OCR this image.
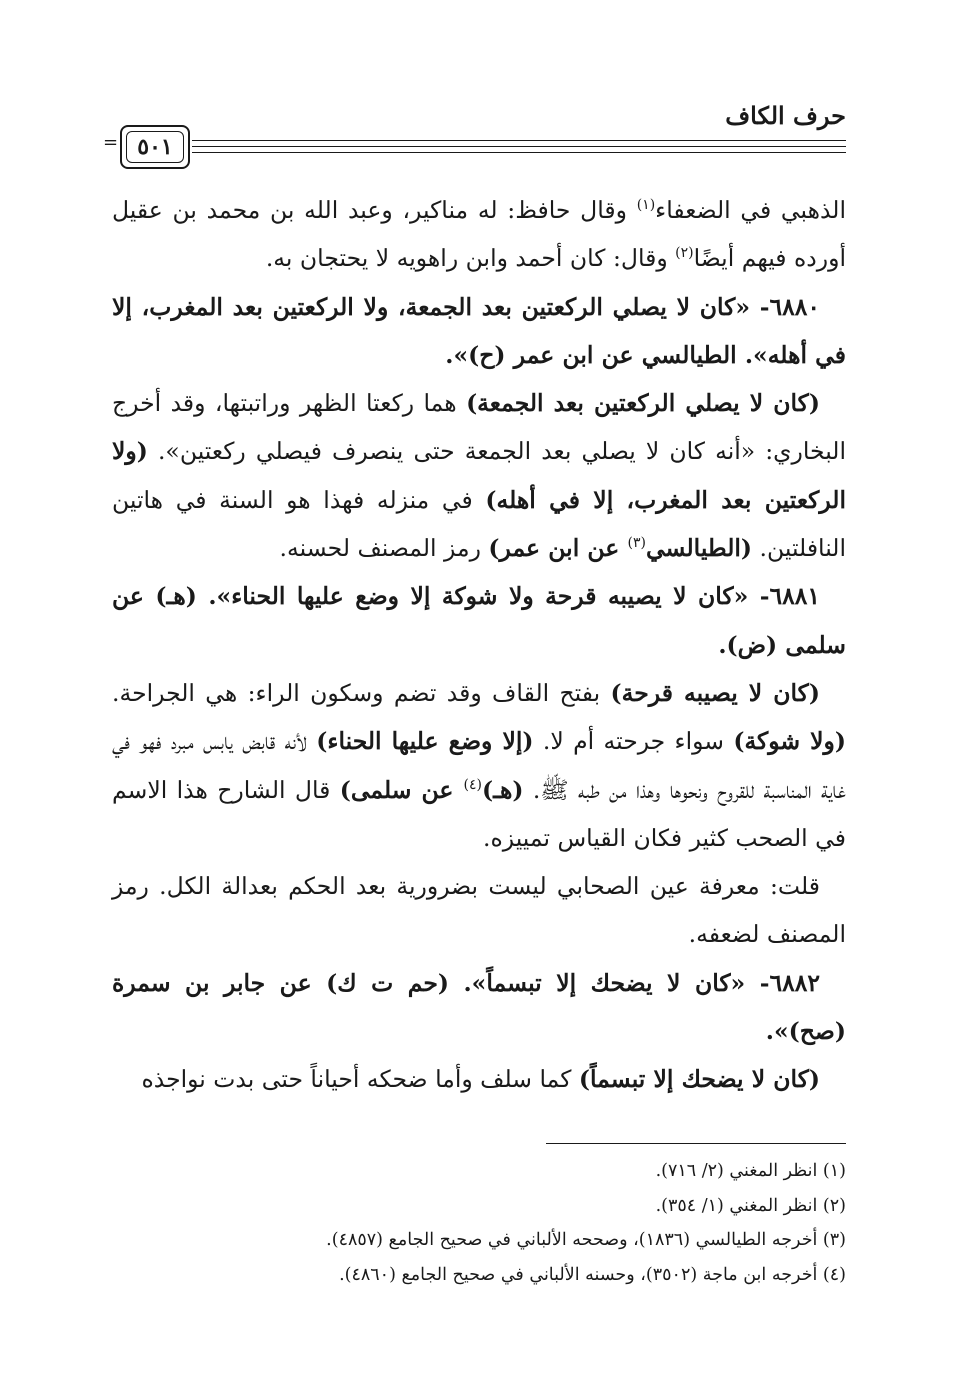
حرف الكاف
٥٠١
=

الذهبي في الضعفاء$^{(١)}$ وقال حافظ: له مناكير، وعبد الله بن محمد بن عقيل أورده فيهم أيضًا$^{(٢)}$ وقال: كان أحمد وابن راهويه لا يحتجان به.

٦٨٨٠- «كان لا يصلي الركعتين بعد الجمعة، ولا الركعتين بعد المغرب، إلا في أهله». الطيالسي عن ابن عمر (ح)».

(كان لا يصلي الركعتين بعد الجمعة) هما ركعتا الظهر وراتبتها، وقد أخرج البخاري: «أنه كان لا يصلي بعد الجمعة حتى ينصرف فيصلي ركعتين». (ولا الركعتين بعد المغرب، إلا في أهله) في منزله فهذا هو السنة في هاتين النافلتين. (الطيالسي$^{(٣)}$ عن ابن عمر) رمز المصنف لحسنه.

٦٨٨١- «كان لا يصيبه قرحة ولا شوكة إلا وضع عليها الحناء». (هـ) عن سلمى (ض).

(كان لا يصيبه قرحة) بفتح القاف وقد تضم وسكون الراء: هي الجراحة. (ولا شوكة) سواء جرحته أم لا. (إلا وضع عليها الحناء) لأنه قابض يابس مبرد فهو في غاية المناسبة للقروح ونحوها وهذا من طبه ﷺ. (هـ)$^{(٤)}$ عن سلمى) قال الشارح هذا الاسم في الصحب كثير فكان القياس تمييزه.

قلت: معرفة عين الصحابي ليست بضرورية بعد الحكم بعدالة الكل. رمز المصنف لضعفه.

٦٨٨٢- «كان لا يضحك إلا تبسماً». (حم ت ك) عن جابر بن سمرة (صح)».

(كان لا يضحك إلا تبسماً) كما سلف وأما ضحكه أحياناً حتى بدت نواجذه

(١) انظر المغني (٢/ ٧١٦).
(٢) انظر المغني (١/ ٣٥٤).
(٣) أخرجه الطيالسي (١٨٣٦)، وصححه الألباني في صحيح الجامع (٤٨٥٧).
(٤) أخرجه ابن ماجة (٣٥٠٢)، وحسنه الألباني في صحيح الجامع (٤٨٦٠).
